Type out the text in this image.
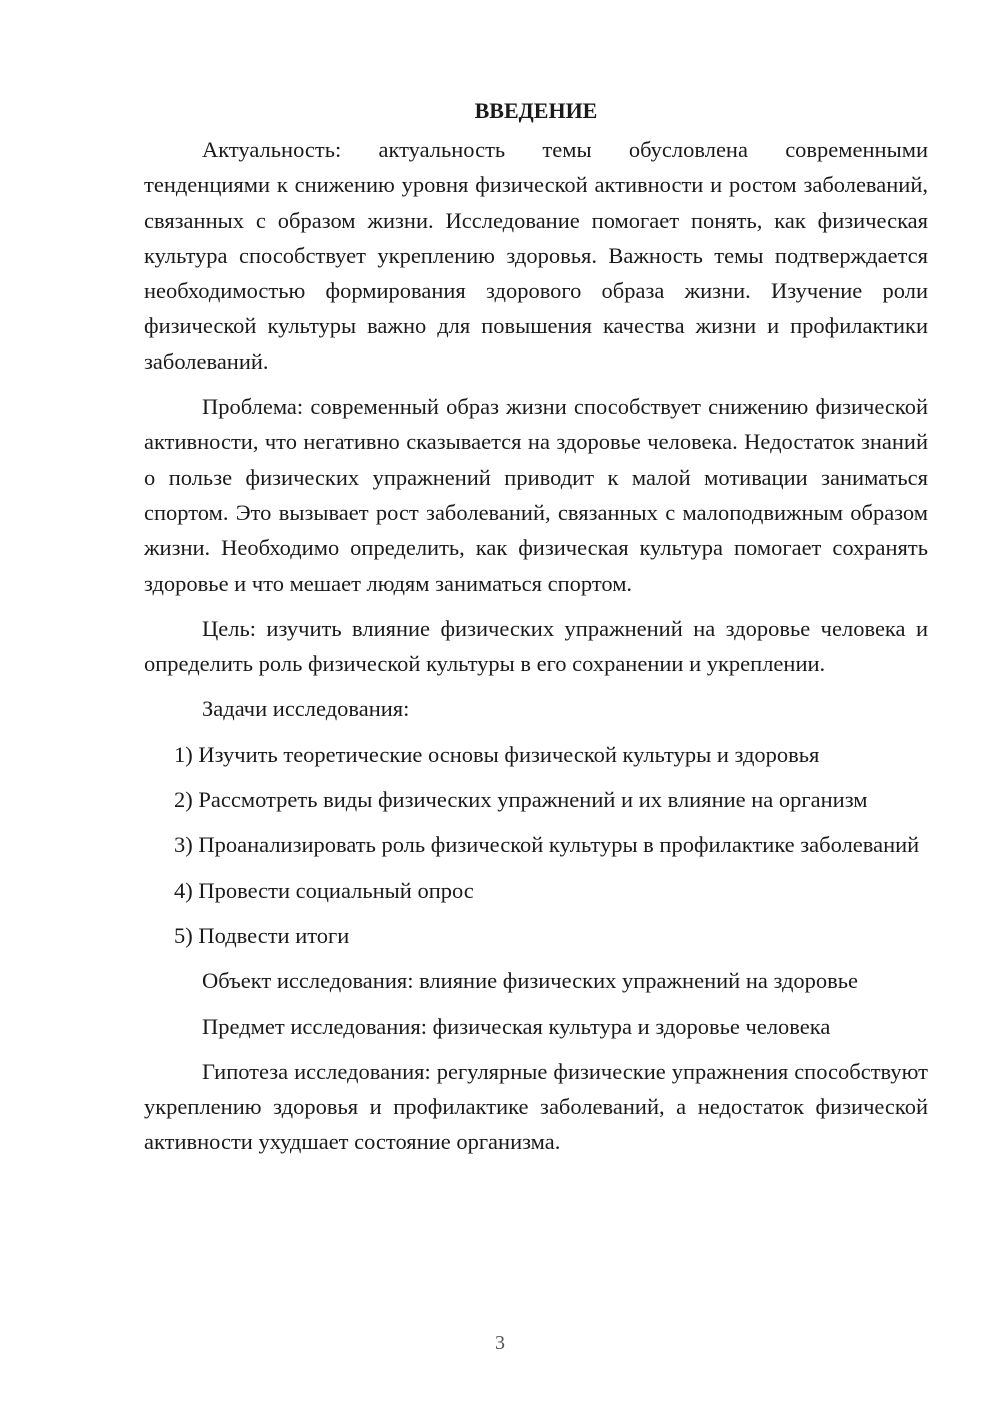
ВВЕДЕНИЕ

Актуальность: актуальность темы обусловлена современными тенденциями к снижению уровня физической активности и ростом заболеваний, связанных с образом жизни. Исследование помогает понять, как физическая культура способствует укреплению здоровья. Важность темы подтверждается необходимостью формирования здорового образа жизни. Изучение роли физической культуры важно для повышения качества жизни и профилактики заболеваний.

Проблема: современный образ жизни способствует снижению физической активности, что негативно сказывается на здоровье человека. Недостаток знаний о пользе физических упражнений приводит к малой мотивации заниматься спортом. Это вызывает рост заболеваний, связанных с малоподвижным образом жизни. Необходимо определить, как физическая культура помогает сохранять здоровье и что мешает людям заниматься спортом.

Цель: изучить влияние физических упражнений на здоровье человека и определить роль физической культуры в его сохранении и укреплении.

Задачи исследования:

1) Изучить теоретические основы физической культуры и здоровья

2) Рассмотреть виды физических упражнений и их влияние на организм

3) Проанализировать роль физической культуры в профилактике заболеваний

4) Провести социальный опрос

5) Подвести итоги

Объект исследования: влияние физических упражнений на здоровье

Предмет исследования: физическая культура и здоровье человека

Гипотеза исследования: регулярные физические упражнения способствуют укреплению здоровья и профилактике заболеваний, а недостаток физической активности ухудшает состояние организма.

3
